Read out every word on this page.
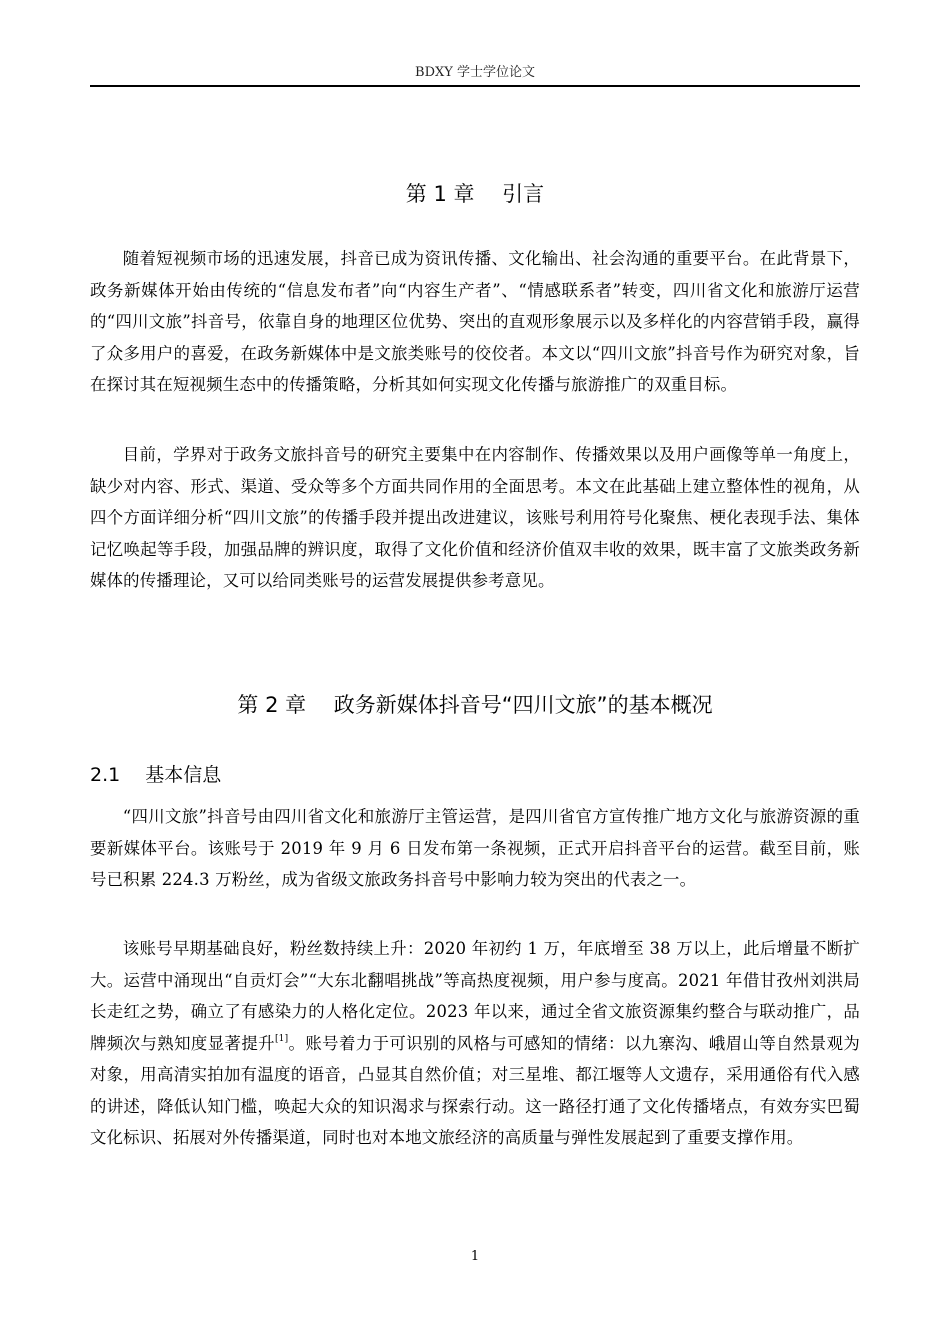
BDXY 学士学位论文
第 1 章　 引言

随着短视频市场的迅速发展，抖音已成为资讯传播、文化输出、社会沟通的重要平台。在此背景下，政务新媒体开始由传统的“信息发布者”向“内容生产者”、“情感联系者”转变，四川省文化和旅游厅运营的“四川文旅”抖音号，依靠自身的地理区位优势、突出的直观形象展示以及多样化的内容营销手段，赢得了众多用户的喜爱，在政务新媒体中是文旅类账号的佼佼者。本文以“四川文旅”抖音号作为研究对象，旨在探讨其在短视频生态中的传播策略，分析其如何实现文化传播与旅游推广的双重目标。

目前，学界对于政务文旅抖音号的研究主要集中在内容制作、传播效果以及用户画像等单一角度上，缺少对内容、形式、渠道、受众等多个方面共同作用的全面思考。本文在此基础上建立整体性的视角，从四个方面详细分析“四川文旅”的传播手段并提出改进建议，该账号利用符号化聚焦、梗化表现手法、集体记忆唤起等手段，加强品牌的辨识度，取得了文化价值和经济价值双丰收的效果，既丰富了文旅类政务新媒体的传播理论，又可以给同类账号的运营发展提供参考意见。

第 2 章　 政务新媒体抖音号“四川文旅”的基本概况
2.1　 基本信息

“四川文旅”抖音号由四川省文化和旅游厅主管运营，是四川省官方宣传推广地方文化与旅游资源的重要新媒体平台。该账号于 2019 年 9 月 6 日发布第一条视频，正式开启抖音平台的运营。截至目前，账号已积累 224.3 万粉丝，成为省级文旅政务抖音号中影响力较为突出的代表之一。

该账号早期基础良好，粉丝数持续上升：2020 年初约 1 万，年底增至 38 万以上，此后增量不断扩大。运营中涌现出“自贡灯会”“大东北翻唱挑战”等高热度视频，用户参与度高。2021 年借甘孜州刘洪局长走红之势，确立了有感染力的人格化定位。2023 年以来，通过全省文旅资源集约整合与联动推广，品牌频次与熟知度显著提升[1]。账号着力于可识别的风格与可感知的情绪：以九寨沟、峨眉山等自然景观为对象，用高清实拍加有温度的语音，凸显其自然价值；对三星堆、都江堰等人文遗存，采用通俗有代入感的讲述，降低认知门槛，唤起大众的知识渴求与探索行动。这一路径打通了文化传播堵点，有效夯实巴蜀文化标识、拓展对外传播渠道，同时也对本地文旅经济的高质量与弹性发展起到了重要支撑作用。

1
